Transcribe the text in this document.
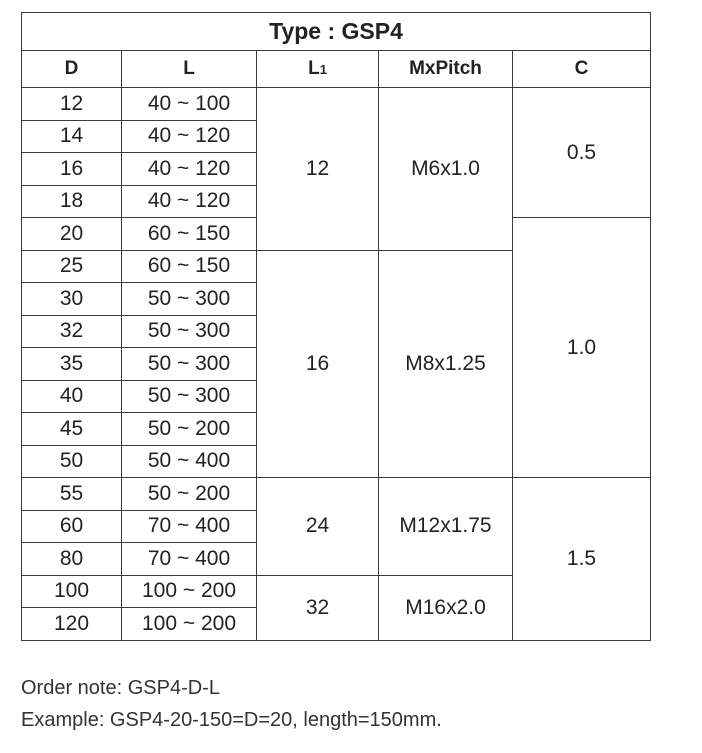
Type : GSP4				
D	L	L1	MxPitch	C
12	40 ~ 100	12	M6x1.0	0.5
14	40 ~ 120			
16	40 ~ 120			
18	40 ~ 120			
20	60 ~ 150			1.0
25	60 ~ 150	16	M8x1.25	
30	50 ~ 300			
32	50 ~ 300			
35	50 ~ 300			
40	50 ~ 300			
45	50 ~ 200			
50	50 ~ 400			
55	50 ~ 200	24	M12x1.75	1.5
60	70 ~ 400			
80	70 ~ 400			
100	100 ~ 200	32	M16x2.0	
120	100 ~ 200			
Order note: GSP4-D-L
Example: GSP4-20-150=D=20, length=150mm.
